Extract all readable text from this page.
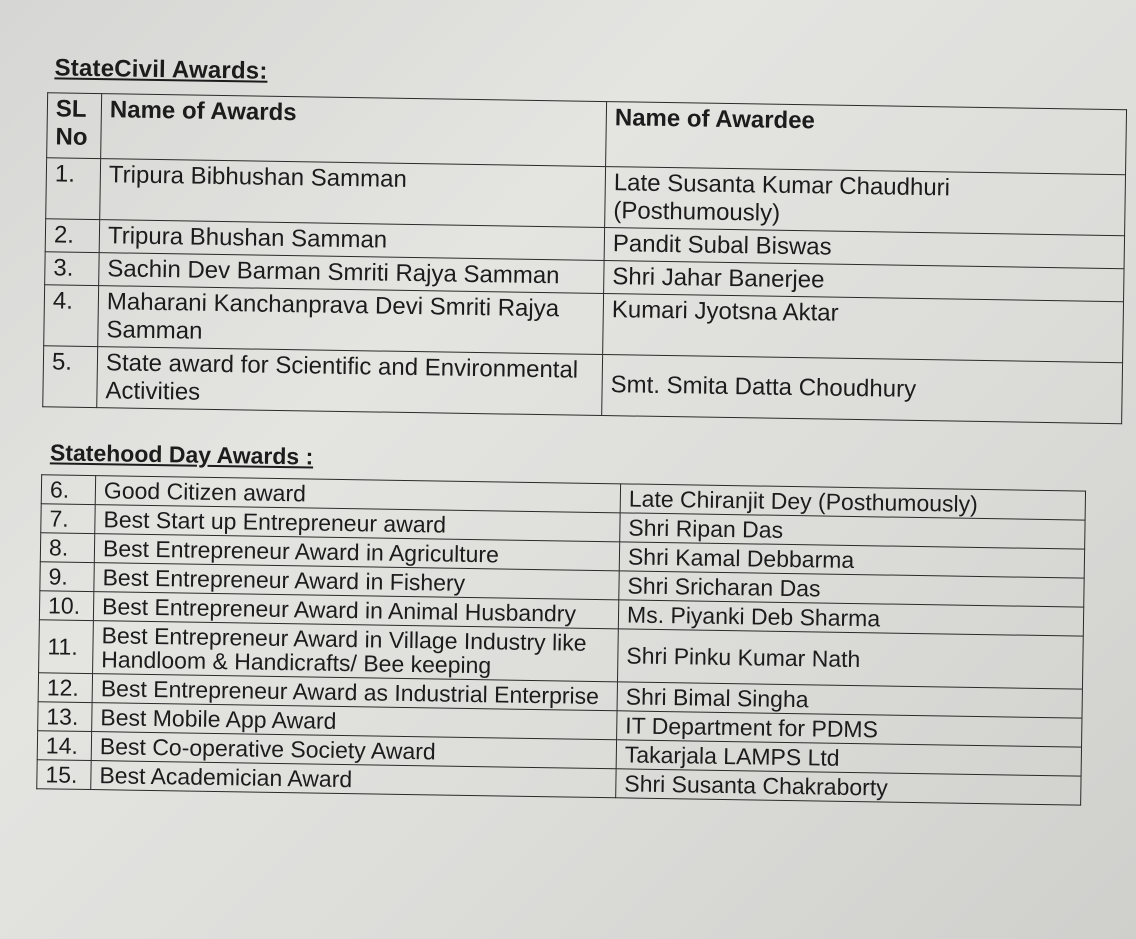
StateCivil Awards:
SL No	Name of Awards	Name of Awardee
1.	Tripura Bibhushan Samman	Late Susanta Kumar Chaudhuri (Posthumously)
2.	Tripura Bhushan Samman	Pandit Subal Biswas
3.	Sachin Dev Barman Smriti Rajya Samman	Shri Jahar Banerjee
4.	Maharani Kanchanprava Devi Smriti Rajya Samman	Kumari Jyotsna Aktar
5.	State award for Scientific and Environmental Activities	Smt. Smita Datta Choudhury
Statehood Day Awards :		
6.	Good Citizen award	Late Chiranjit Dey (Posthumously)
7.	Best Start up Entrepreneur award	Shri Ripan Das
8.	Best Entrepreneur Award in Agriculture	Shri Kamal Debbarma
9.	Best Entrepreneur Award in Fishery	Shri Sricharan Das
10.	Best Entrepreneur Award in Animal Husbandry	Ms. Piyanki Deb Sharma
11.	Best Entrepreneur Award in Village Industry like Handloom & Handicrafts/ Bee keeping	Shri Pinku Kumar Nath
12.	Best Entrepreneur Award as Industrial Enterprise	Shri Bimal Singha
13.	Best Mobile App Award	IT Department for PDMS
14.	Best Co-operative Society Award	Takarjala LAMPS Ltd
15.	Best Academician Award	Shri Susanta Chakraborty
